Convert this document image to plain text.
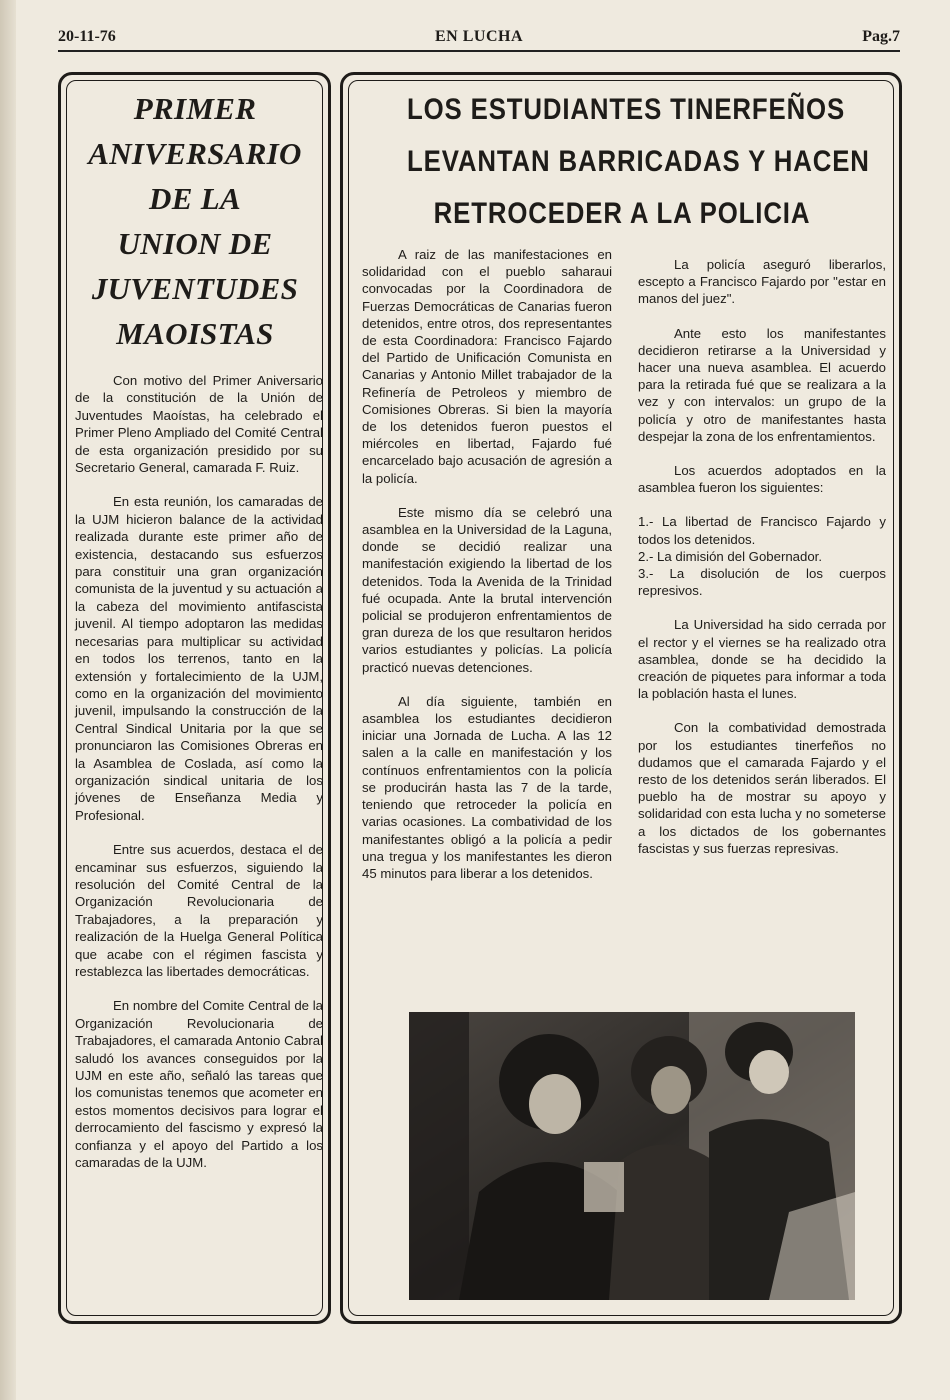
20-11-76	EN LUCHA	Pag.7
PRIMER
ANIVERSARIO
DE LA
UNION DE
JUVENTUDES
MAOISTAS

Con motivo del Primer Aniversario de la constitución de la Unión de Juventudes Maoístas, ha celebrado el Primer Pleno Ampliado del Comité Central de esta organización presidido por su Secretario General, camarada F. Ruiz.

En esta reunión, los camaradas de la UJM hicieron balance de la actividad realizada durante este primer año de existencia, destacando sus esfuerzos para constituir una gran organización comunista de la juventud y su actuación a la cabeza del movimiento antifascista juvenil. Al tiempo adoptaron las medidas necesarias para multiplicar su actividad en todos los terrenos, tanto en la extensión y fortalecimiento de la UJM, como en la organización del movimiento juvenil, impulsando la construcción de la Central Sindical Unitaria por la que se pronunciaron las Comisiones Obreras en la Asamblea de Coslada, así como la organización sindical unitaria de los jóvenes de Enseñanza Media y Profesional.

Entre sus acuerdos, destaca el de encaminar sus esfuerzos, siguiendo la resolución del Comité Central de la Organización Revolucionaria de Trabajadores, a la preparación y realización de la Huelga General Política que acabe con el régimen fascista y restablezca las libertades democráticas.

En nombre del Comite Central de la Organización Revolucionaria de Trabajadores, el camarada Antonio Cabral saludó los avances conseguidos por la UJM en este año, señaló las tareas que los comunistas tenemos que acometer en estos momentos decisivos para lograr el derrocamiento del fascismo y expresó la confianza y el apoyo del Partido a los camaradas de la UJM.

LOS ESTUDIANTES TINERFEÑOS
LEVANTAN BARRICADAS Y HACEN
RETROCEDER A LA POLICIA

A raiz de las manifestaciones en solidaridad con el pueblo saharaui convocadas por la Coordinadora de Fuerzas Democráticas de Canarias fueron detenidos, entre otros, dos representantes de esta Coordinadora: Francisco Fajardo del Partido de Unificación Comunista en Canarias y Antonio Millet trabajador de la Refinería de Petroleos y miembro de Comisiones Obreras. Si bien la mayoría de los detenidos fueron puestos el miércoles en libertad, Fajardo fué encarcelado bajo acusación de agresión a la policía.

Este mismo día se celebró una asamblea en la Universidad de la Laguna, donde se decidió realizar una manifestación exigiendo la libertad de los detenidos. Toda la Avenida de la Trinidad fué ocupada. Ante la brutal intervención policial se produjeron enfrentamientos de gran dureza de los que resultaron heridos varios estudiantes y policías. La policía practicó nuevas detenciones.

Al día siguiente, también en asamblea los estudiantes decidieron iniciar una Jornada de Lucha. A las 12 salen a la calle en manifestación y los contínuos enfrentamientos con la policía se producirán hasta las 7 de la tarde, teniendo que retroceder la policía en varias ocasiones. La combatividad de los manifestantes obligó a la policía a pedir una tregua y los manifestantes les dieron 45 minutos para liberar a los detenidos.

La policía aseguró liberarlos, escepto a Francisco Fajardo por "estar en manos del juez".

Ante esto los manifestantes decidieron retirarse a la Universidad y hacer una nueva asamblea. El acuerdo para la retirada fué que se realizara a la vez y con intervalos: un grupo de la policía y otro de manifestantes hasta despejar la zona de los enfrentamientos.

Los acuerdos adoptados en la asamblea fueron los siguientes:

1.- La libertad de Francisco Fajardo y todos los detenidos.

2.- La dimisión del Gobernador.

3.- La disolución de los cuerpos represivos.

La Universidad ha sido cerrada por el rector y el viernes se ha realizado otra asamblea, donde se ha decidido la creación de piquetes para informar a toda la población hasta el lunes.

Con la combatividad demostrada por los estudiantes tinerfeños no dudamos que el camarada Fajardo y el resto de los detenidos serán liberados. El pueblo ha de mostrar su apoyo y solidaridad con esta lucha y no someterse a los dictados de los gobernantes fascistas y sus fuerzas represivas.
